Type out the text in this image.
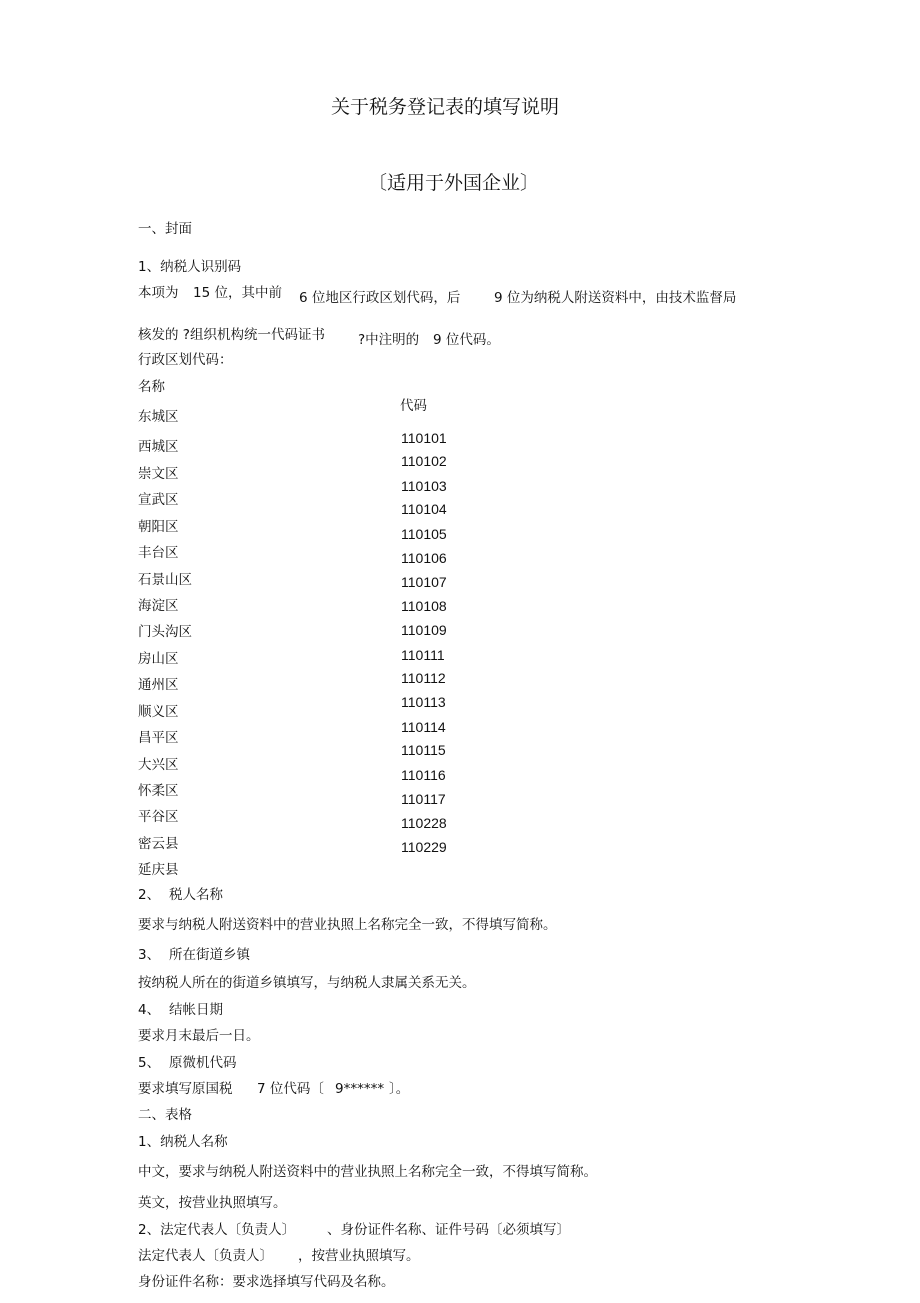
关于税务登记表的填写说明
〔适用于外国企业〕
一、封面
1、纳税人识别码
本项为 15 位，其中前 6 位地区行政区划代码，后 9 位为纳税人附送资料中，由技术监督局
核发的 ?组织机构统一代码证书 ?中注明的 9 位代码。
行政区划代码：
名称
代码
东城区
西城区
崇文区
宣武区
朝阳区
丰台区
石景山区
海淀区
门头沟区
房山区
通州区
顺义区
昌平区
大兴区
怀柔区
平谷区
密云县
延庆县
110101
110102
110103
110104
110105
110106
110107
110108
110109
110111
110112
110113
110114
110115
110116
110117
110228
110229
2、 税人名称
要求与纳税人附送资料中的营业执照上名称完全一致，不得填写简称。
3、 所在街道乡镇
按纳税人所在的街道乡镇填写，与纳税人隶属关系无关。
4、 结帐日期
要求月末最后一日。
5、 原微机代码
要求填写原国税 7 位代码〔 9****** 〕。
二、表格
1、纳税人名称
中文，要求与纳税人附送资料中的营业执照上名称完全一致，不得填写简称。
英文，按营业执照填写。
2、法定代表人〔负责人〕 、身份证件名称、证件号码〔必须填写〕
法定代表人〔负责人〕 ，按营业执照填写。
身份证件名称：要求选择填写代码及名称。
